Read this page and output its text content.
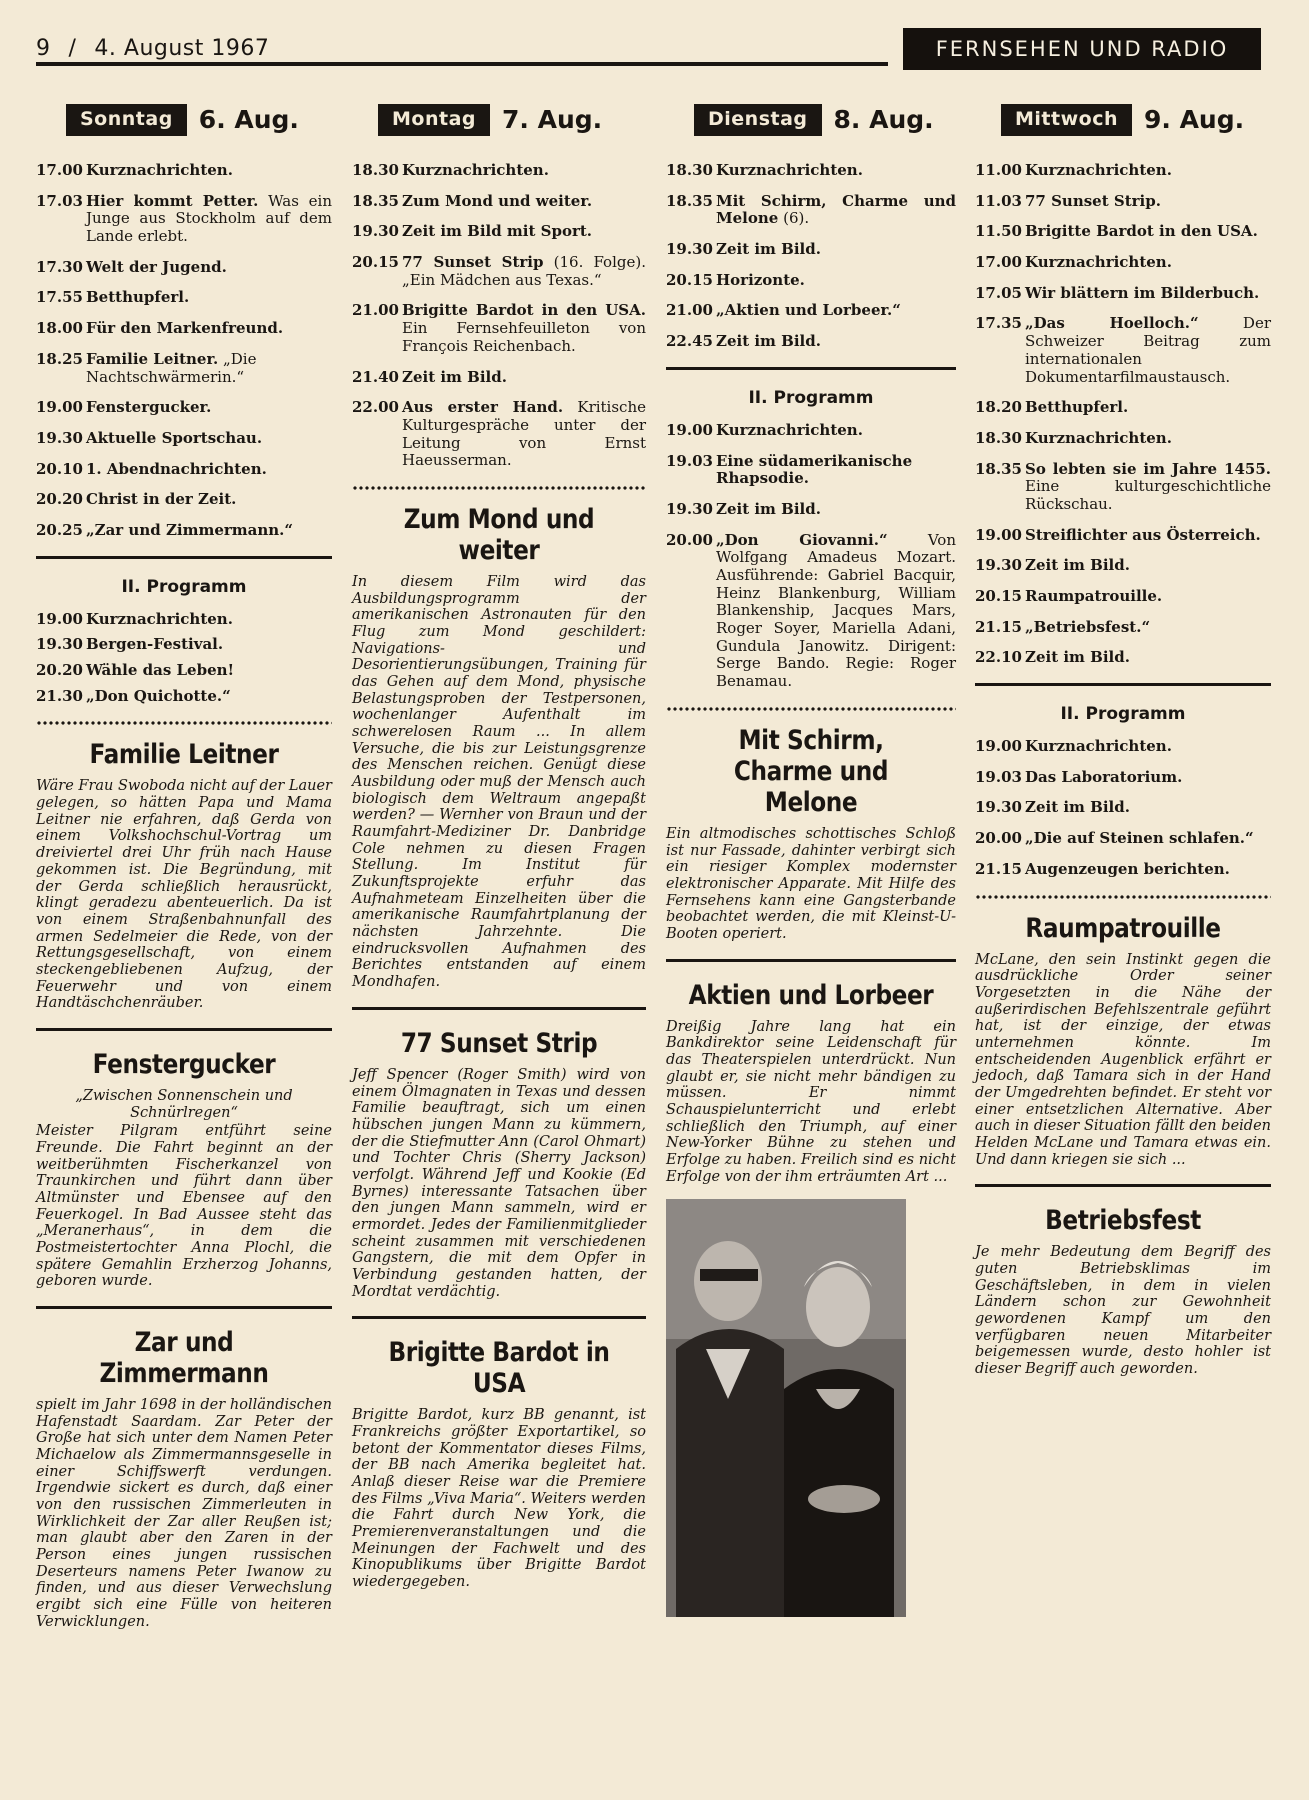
9 / 4. August 1967	FERNSEHEN UND RADIO
Sonntag	6. Aug.
17.00 Kurznachrichten.
17.03 Hier kommt Petter. Was ein Junge aus Stockholm auf dem Lande erlebt.
17.30 Welt der Jugend.
17.55 Betthupferl.
18.00 Für den Markenfreund.
18.25 Familie Leitner. „Die Nachtschwärmerin.“
19.00 Fenstergucker.
19.30 Aktuelle Sportschau.
20.10 1. Abendnachrichten.
20.20 Christ in der Zeit.
20.25 „Zar und Zimmermann.“
II. Programm
19.00 Kurznachrichten.
19.30 Bergen-Festival.
20.20 Wähle das Leben!
21.30 „Don Quichotte.“
Familie Leitner
Wäre Frau Swoboda nicht auf der Lauer gelegen, so hätten Papa und Mama Leitner nie erfahren, daß Gerda von einem Volkshochschul-Vortrag um dreiviertel drei Uhr früh nach Hause gekommen ist. Die Begründung, mit der Gerda schließlich herausrückt, klingt geradezu abenteuerlich. Da ist von einem Straßenbahnunfall des armen Sedelmeier die Rede, von der Rettungsgesellschaft, von einem steckengebliebenen Aufzug, der Feuerwehr und von einem Handtäschchenräuber.
Fenstergucker
„Zwischen Sonnenschein und Schnürlregen“
Meister Pilgram entführt seine Freunde. Die Fahrt beginnt an der weitberühmten Fischerkanzel von Traunkirchen und führt dann über Altmünster und Ebensee auf den Feuerkogel. In Bad Aussee steht das „Meranerhaus“, in dem die Postmeistertochter Anna Plochl, die spätere Gemahlin Erzherzog Johanns, geboren wurde.
Zar und Zimmermann
spielt im Jahr 1698 in der holländischen Hafenstadt Saardam. Zar Peter der Große hat sich unter dem Namen Peter Michaelow als Zimmermannsgeselle in einer Schiffswerft verdungen. Irgendwie sickert es durch, daß einer von den russischen Zimmerleuten in Wirklichkeit der Zar aller Reußen ist; man glaubt aber den Zaren in der Person eines jungen russischen Deserteurs namens Peter Iwanow zu finden, und aus dieser Verwechslung ergibt sich eine Fülle von heiteren Verwicklungen.
Montag	7. Aug.
18.30 Kurznachrichten.
18.35 Zum Mond und weiter.
19.30 Zeit im Bild mit Sport.
20.15 77 Sunset Strip (16. Folge). „Ein Mädchen aus Texas.“
21.00 Brigitte Bardot in den USA. Ein Fernsehfeuilleton von François Reichenbach.
21.40 Zeit im Bild.
22.00 Aus erster Hand. Kritische Kulturgespräche unter der Leitung von Ernst Haeusserman.
Zum Mond und weiter
In diesem Film wird das Ausbildungsprogramm der amerikanischen Astronauten für den Flug zum Mond geschildert: Navigations- und Desorientierungsübungen, Training für das Gehen auf dem Mond, physische Belastungsproben der Testpersonen, wochenlanger Aufenthalt im schwerelosen Raum ... In allem Versuche, die bis zur Leistungsgrenze des Menschen reichen. Genügt diese Ausbildung oder muß der Mensch auch biologisch dem Weltraum angepaßt werden? — Wernher von Braun und der Raumfahrt-Mediziner Dr. Danbridge Cole nehmen zu diesen Fragen Stellung. Im Institut für Zukunftsprojekte erfuhr das Aufnahmeteam Einzelheiten über die amerikanische Raumfahrtplanung der nächsten Jahrzehnte. Die eindrucksvollen Aufnahmen des Berichtes entstanden auf einem Mondhafen.
77 Sunset Strip
Jeff Spencer (Roger Smith) wird von einem Ölmagnaten in Texas und dessen Familie beauftragt, sich um einen hübschen jungen Mann zu kümmern, der die Stiefmutter Ann (Carol Ohmart) und Tochter Chris (Sherry Jackson) verfolgt. Während Jeff und Kookie (Ed Byrnes) interessante Tatsachen über den jungen Mann sammeln, wird er ermordet. Jedes der Familienmitglieder scheint zusammen mit verschiedenen Gangstern, die mit dem Opfer in Verbindung gestanden hatten, der Mordtat verdächtig.
Brigitte Bardot in USA
Brigitte Bardot, kurz BB genannt, ist Frankreichs größter Exportartikel, so betont der Kommentator dieses Films, der BB nach Amerika begleitet hat. Anlaß dieser Reise war die Premiere des Films „Viva Maria“. Weiters werden die Fahrt durch New York, die Premierenveranstaltungen und die Meinungen der Fachwelt und des Kinopublikums über Brigitte Bardot wiedergegeben.
Dienstag	8. Aug.
18.30 Kurznachrichten.
18.35 Mit Schirm, Charme und Melone (6).
19.30 Zeit im Bild.
20.15 Horizonte.
21.00 „Aktien und Lorbeer.“
22.45 Zeit im Bild.
II. Programm
19.00 Kurznachrichten.
19.03 Eine südamerikanische Rhapsodie.
19.30 Zeit im Bild.
20.00 „Don Giovanni.“	Von Wolfgang Amadeus Mozart. Ausführende: Gabriel Bacquir, Heinz Blankenburg, William Blankenship, Jacques Mars, Roger Soyer, Mariella Adani, Gundula Janowitz. Dirigent: Serge Bando. Regie: Roger Benamau.
Mit Schirm, Charme und Melone
Ein altmodisches schottisches Schloß ist nur Fassade, dahinter verbirgt sich ein riesiger Komplex modernster elektronischer Apparate. Mit Hilfe des Fernsehens kann eine Gangsterbande beobachtet werden, die mit Kleinst-U-Booten operiert.
Aktien und Lorbeer
Dreißig Jahre lang hat ein Bankdirektor seine Leidenschaft für das Theaterspielen unterdrückt. Nun glaubt er, sie nicht mehr bändigen zu müssen. Er nimmt Schauspielunterricht und erlebt schließlich den Triumph, auf einer New-Yorker Bühne zu stehen und Erfolge zu haben. Freilich sind es nicht Erfolge von der ihm erträumten Art ...
Mittwoch	9. Aug.
11.00 Kurznachrichten.
11.03 77 Sunset Strip.
11.50 Brigitte Bardot in den USA.
17.00 Kurznachrichten.
17.05 Wir blättern im Bilderbuch.
17.35 „Das Hoelloch.“	Der Schweizer Beitrag zum internationalen Dokumentarfilmaustausch.
18.20 Betthupferl.
18.30 Kurznachrichten.
18.35 So lebten sie im Jahre 1455. Eine kulturgeschichtliche Rückschau.
19.00 Streiflichter aus Österreich.
19.30 Zeit im Bild.
20.15 Raumpatrouille.
21.15 „Betriebsfest.“
22.10 Zeit im Bild.
II. Programm
19.00 Kurznachrichten.
19.03 Das Laboratorium.
19.30 Zeit im Bild.
20.00 „Die auf Steinen schlafen.“
21.15 Augenzeugen berichten.
Raumpatrouille
McLane, den sein Instinkt gegen die ausdrückliche Order seiner Vorgesetzten in die Nähe der außerirdischen Befehlszentrale geführt hat, ist der einzige, der etwas unternehmen könnte. Im entscheidenden Augenblick erfährt er jedoch, daß Tamara sich in der Hand der Umgedrehten befindet. Er steht vor einer entsetzlichen Alternative. Aber auch in dieser Situation fällt den beiden Helden McLane und Tamara etwas ein. Und dann kriegen sie sich ...
Betriebsfest
Je mehr Bedeutung dem Begriff des guten Betriebsklimas im Geschäftsleben, in dem in vielen Ländern schon zur Gewohnheit gewordenen Kampf um den verfügbaren neuen Mitarbeiter beigemessen wurde, desto hohler ist dieser Begriff auch geworden.
